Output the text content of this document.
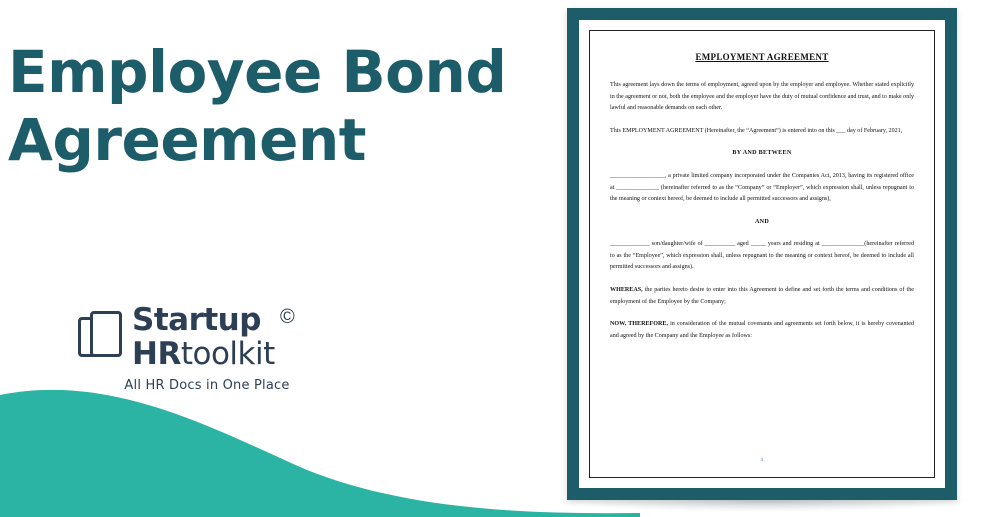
Employee Bond
Agreement
©
Startup
HRtoolkit
All HR Docs in One Place
EMPLOYMENT AGREEMENT
This agreement lays down the terms of employment, agreed upon by the employer and employee. Whether stated explicitly in the agreement or not, both the employee and the employer have the duty of mutual confidence and trust, and to make only lawful and reasonable demands on each other.
This EMPLOYMENT AGREEMENT (Hereinafter, the “Agreement”) is entered into on this ___ day of February, 2021,
BY AND BETWEEN
__________________, a private limited company incorporated under the Companies Act, 2013, having its registered office at ______________ (hereinafter referred to as the “Company” or “Employer”, which expression shall, unless repugnant to the meaning or context hereof, be deemed to include all permitted successors and assigns),
AND
_____________ son/daughter/wife of __________ aged _____ years and residing at ______________(hereinafter referred to as the “Employee”, which expression shall, unless repugnant to the meaning or context hereof, be deemed to include all permitted successors and assigns).
WHEREAS, the parties hereto desire to enter into this Agreement to define and set forth the terms and conditions of the employment of the Employee by the Company;
NOW, THEREFORE, in consideration of the mutual covenants and agreements set forth below, it is hereby covenanted and agreed by the Company and the Employee as follows:
1
